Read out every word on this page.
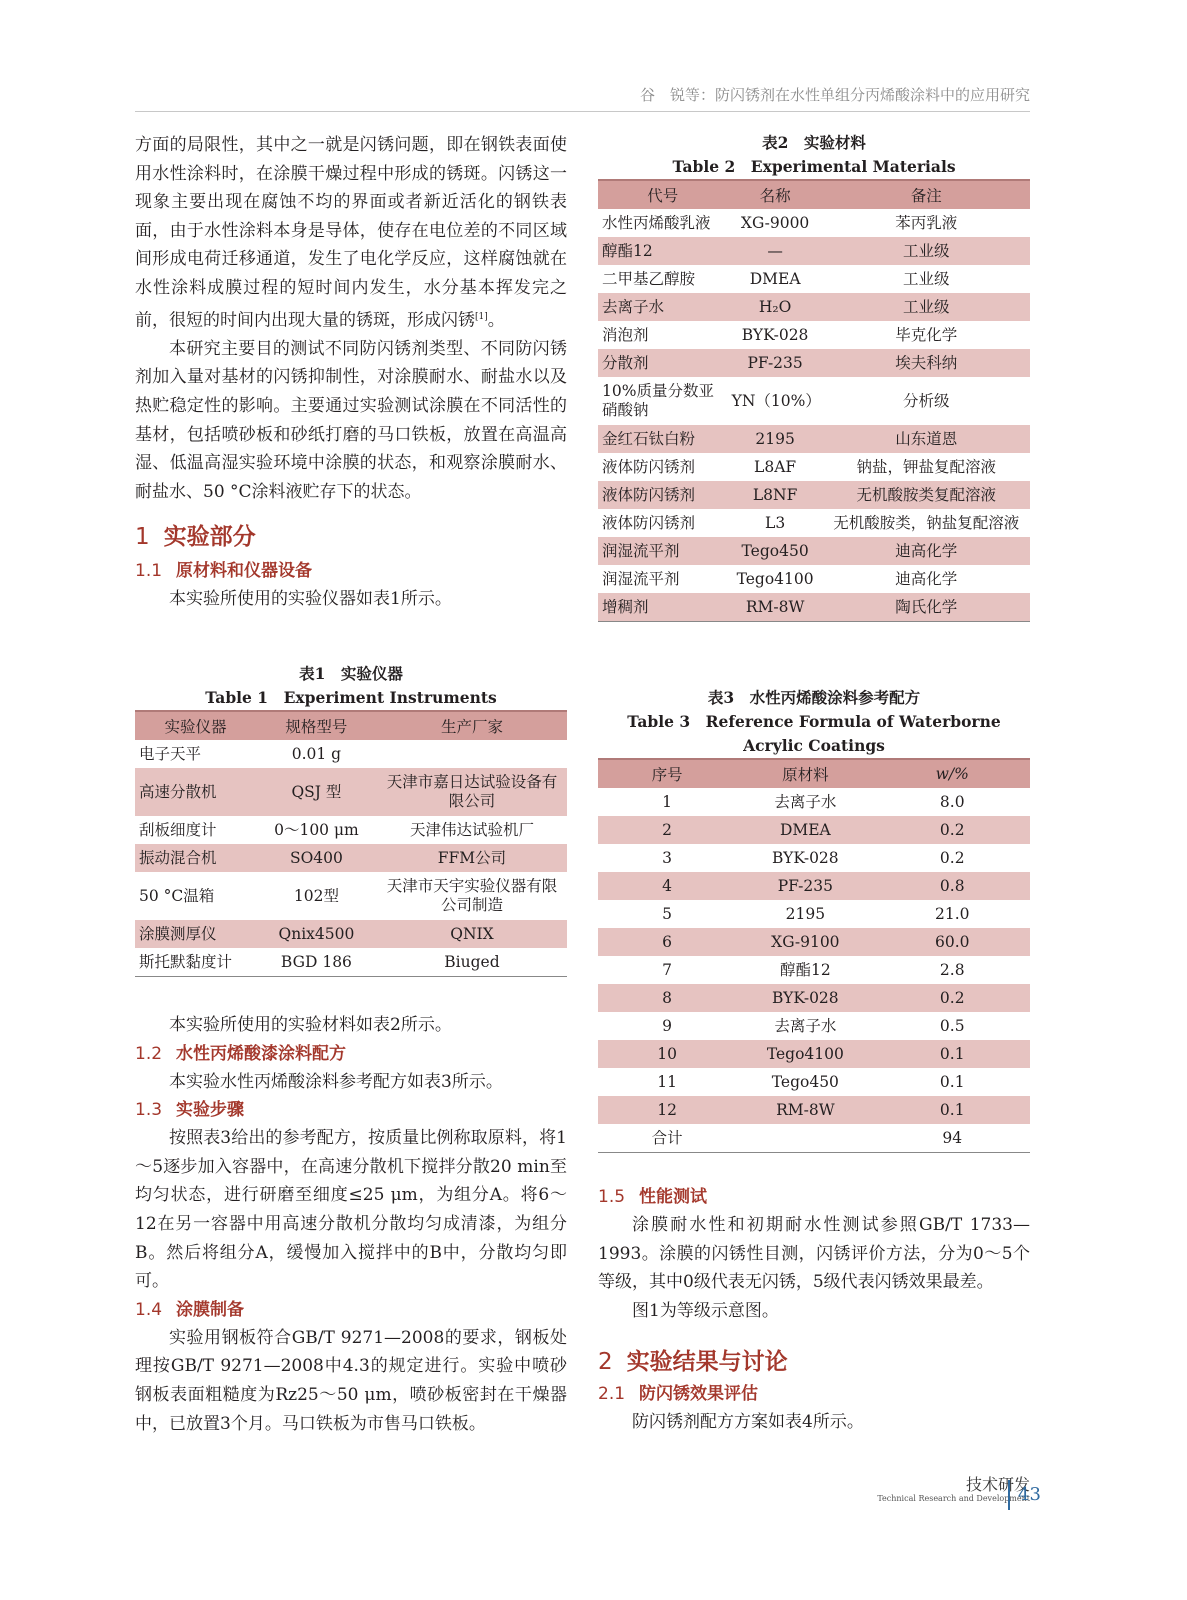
谷　锐等：防闪锈剂在水性单组分丙烯酸涂料中的应用研究

方面的局限性，其中之一就是闪锈问题，即在钢铁表面使用水性涂料时，在涂膜干燥过程中形成的锈斑。闪锈这一现象主要出现在腐蚀不均的界面或者新近活化的钢铁表面，由于水性涂料本身是导体，使存在电位差的不同区域间形成电荷迁移通道，发生了电化学反应，这样腐蚀就在水性涂料成膜过程的短时间内发生，水分基本挥发完之前，很短的时间内出现大量的锈斑，形成闪锈[1]。

本研究主要目的测试不同防闪锈剂类型、不同防闪锈剂加入量对基材的闪锈抑制性，对涂膜耐水、耐盐水以及热贮稳定性的影响。主要通过实验测试涂膜在不同活性的基材，包括喷砂板和砂纸打磨的马口铁板，放置在高温高湿、低温高湿实验环境中涂膜的状态，和观察涂膜耐水、耐盐水、50 °C涂料液贮存下的状态。

1 实验部分

1.1 原材料和仪器设备

本实验所使用的实验仪器如表1所示。

表1　实验仪器
Table 1　Experiment Instruments
实验仪器	规格型号	生产厂家
电子天平	0.01 g	
高速分散机	QSJ 型	天津市嘉日达试验设备有限公司
刮板细度计	0～100 μm	天津伟达试验机厂
振动混合机	SO400	FFM公司
50 °C温箱	102型	天津市天宇实验仪器有限公司制造
涂膜测厚仪	Qnix4500	QNIX
斯托默黏度计	BGD 186	Biuged

本实验所使用的实验材料如表2所示。

1.2 水性丙烯酸漆涂料配方

本实验水性丙烯酸涂料参考配方如表3所示。

1.3 实验步骤

按照表3给出的参考配方，按质量比例称取原料，将1～5逐步加入容器中，在高速分散机下搅拌分散20 min至均匀状态，进行研磨至细度≤25 μm，为组分A。将6～12在另一容器中用高速分散机分散均匀成清漆，为组分B。然后将组分A，缓慢加入搅拌中的B中，分散均匀即可。

1.4 涂膜制备

实验用钢板符合GB/T 9271—2008的要求，钢板处理按GB/T 9271—2008中4.3的规定进行。实验中喷砂钢板表面粗糙度为Rz25～50 μm，喷砂板密封在干燥器中，已放置3个月。马口铁板为市售马口铁板。

表2　实验材料
Table 2　Experimental Materials
代号	名称	备注
水性丙烯酸乳液	XG-9000	苯丙乳液
醇酯12	—	工业级
二甲基乙醇胺	DMEA	工业级
去离子水	H₂O	工业级
消泡剂	BYK-028	毕克化学
分散剂	PF-235	埃夫科纳
10%质量分数亚硝酸钠	YN（10%）	分析级
金红石钛白粉	2195	山东道恩
液体防闪锈剂	L8AF	钠盐，钾盐复配溶液
液体防闪锈剂	L8NF	无机酸胺类复配溶液
液体防闪锈剂	L3	无机酸胺类，钠盐复配溶液
润湿流平剂	Tego450	迪高化学
润湿流平剂	Tego4100	迪高化学
增稠剂	RM-8W	陶氏化学
表3　水性丙烯酸涂料参考配方
Table 3　Reference Formula of Waterborne Acrylic Coatings
序号	原材料	w/%
1	去离子水	8.0
2	DMEA	0.2
3	BYK-028	0.2
4	PF-235	0.8
5	2195	21.0
6	XG-9100	60.0
7	醇酯12	2.8
8	BYK-028	0.2
9	去离子水	0.5
10	Tego4100	0.1
11	Tego450	0.1
12	RM-8W	0.1
合计		94

1.5 性能测试

涂膜耐水性和初期耐水性测试参照GB/T 1733—1993。涂膜的闪锈性目测，闪锈评价方法，分为0～5个等级，其中0级代表无闪锈，5级代表闪锈效果最差。

图1为等级示意图。

2 实验结果与讨论

2.1 防闪锈效果评估

防闪锈剂配方方案如表4所示。

技术研发
Technical Research and Development
43
